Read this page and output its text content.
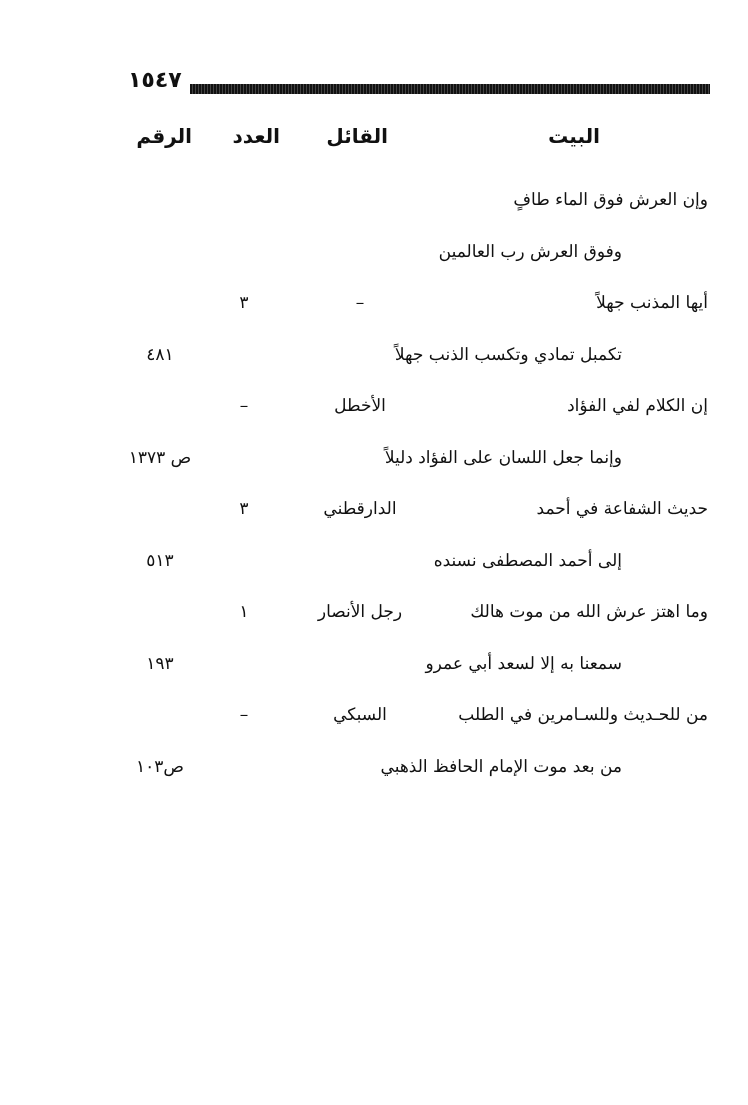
١٥٤٧
البيت
القائل
العدد
الرقم
وإن العرش فوق الماء طافٍ
وفوق العرش رب العالمين
أيها المذنب جهلاً
–
٣
تكمبل تمادي وتكسب الذنب جهلاً
٤٨١
إن الكلام لفي الفؤاد
الأخطل
–
وإنما جعل اللسان على الفؤاد دليلاً
ص ١٣٧٣
حديث الشفاعة في أحمد
الدارقطني
٣
إلى أحمد المصطفى نسنده
٥١٣
وما اهتز عرش الله من موت هالك
رجل الأنصار
١
سمعنا به إلا لسعد أبي عمرو
١٩٣
من للحـديث وللسـامرين في الطلب
السبكي
–
من بعد موت الإمام الحافظ الذهبي
ص١٠٣
